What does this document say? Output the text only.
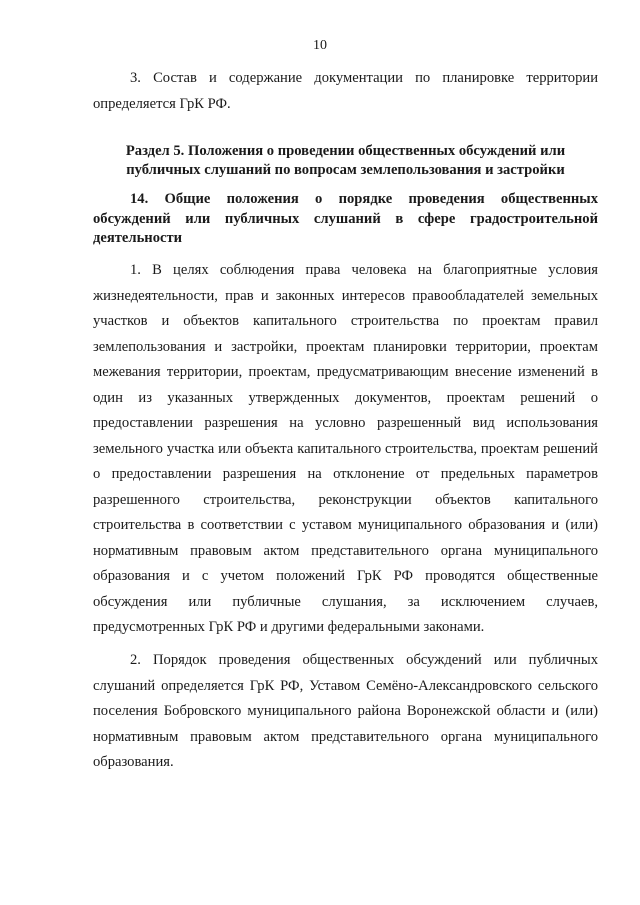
10

3. Состав и содержание документации по планировке территории определяется ГрК РФ.

Раздел 5. Положения о проведении общественных обсуждений или публичных слушаний по вопросам землепользования и застройки
14. Общие положения о порядке проведения общественных обсуждений или публичных слушаний в сфере градостроительной деятельности

1. В целях соблюдения права человека на благоприятные условия жизнедеятельности, прав и законных интересов правообладателей земельных участков и объектов капитального строительства по проектам правил землепользования и застройки, проектам планировки территории, проектам межевания территории, проектам, предусматривающим внесение изменений в один из указанных утвержденных документов, проектам решений о предоставлении разрешения на условно разрешенный вид использования земельного участка или объекта капитального строительства, проектам решений о предоставлении разрешения на отклонение от предельных параметров разрешенного строительства, реконструкции объектов капитального строительства в соответствии с уставом муниципального образования и (или) нормативным правовым актом представительного органа муниципального образования и с учетом положений ГрК РФ проводятся общественные обсуждения или публичные слушания, за исключением случаев, предусмотренных ГрК РФ и другими федеральными законами.

2. Порядок проведения общественных обсуждений или публичных слушаний определяется ГрК РФ, Уставом Семёно-Александровского сельского поселения Бобровского муниципального района Воронежской области и (или) нормативным правовым актом представительного органа муниципального образования.
